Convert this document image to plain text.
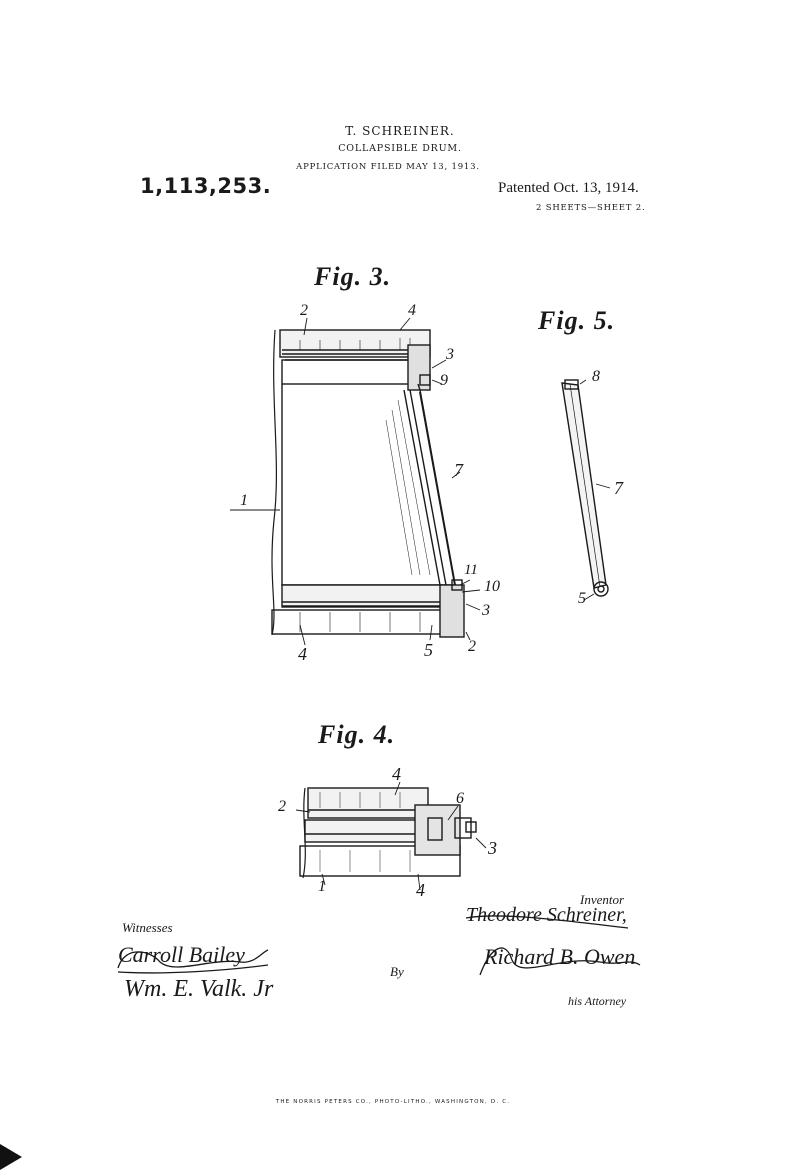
T. SCHREINER.
COLLAPSIBLE DRUM.
APPLICATION FILED MAY 13, 1913.
1,113,253.	Patented Oct. 13, 1914.
2 SHEETS—SHEET 2.
Fig. 3.
Fig. 5.
Fig. 4.
2	4
3
9
7
1
11
10
3
4	5 2
8
7
5
4
2	6
3
1	4	Inventor
Theodore Schreiner,
Witnesses
Carroll Bailey
Wm. E. Valk. Jr
By
Richard B. Owen
his Attorney
THE NORRIS PETERS CO., PHOTO-LITHO., WASHINGTON, D. C.
